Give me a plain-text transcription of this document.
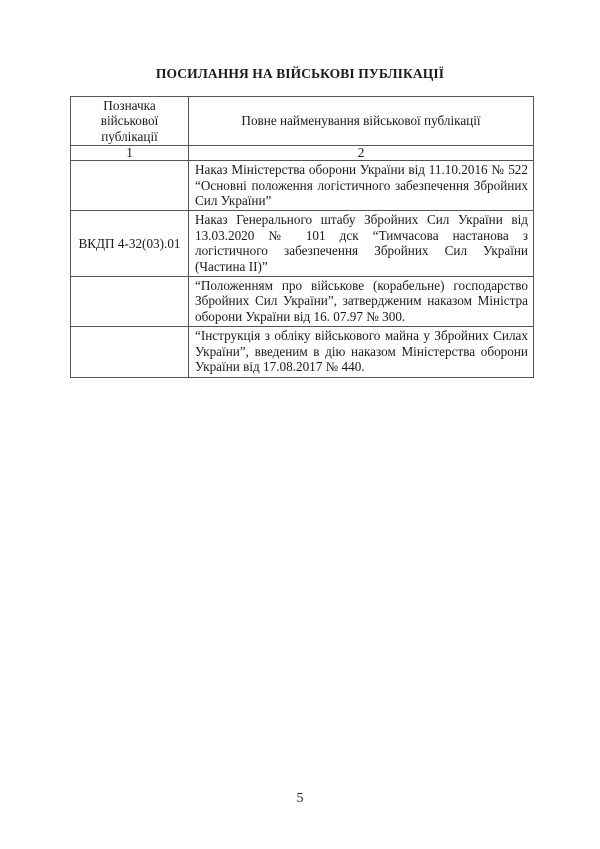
ПОСИЛАННЯ НА ВІЙСЬКОВІ ПУБЛІКАЦІЇ
Позначка військової публікації	Повне найменування військової публікації
1	2
	Наказ Міністерства оборони України від 11.10.2016 № 522 “Основні положення логістичного забезпечення Збройних Сил України”
ВКДП 4-32(03).01	Наказ Генерального штабу Збройних Сил України від 13.03.2020 № 101 дск “Тимчасова настанова з логістичного забезпечення Збройних Сил України (Частина ІІ)”
	“Положенням про військове (корабельне) господарство Збройних Сил України”, затвердженим наказом Міністра оборони України від 16. 07.97 № 300.
	“Інструкція з обліку військового майна у Збройних Силах України”, введеним в дію наказом Міністерства оборони України від 17.08.2017 № 440.
5
